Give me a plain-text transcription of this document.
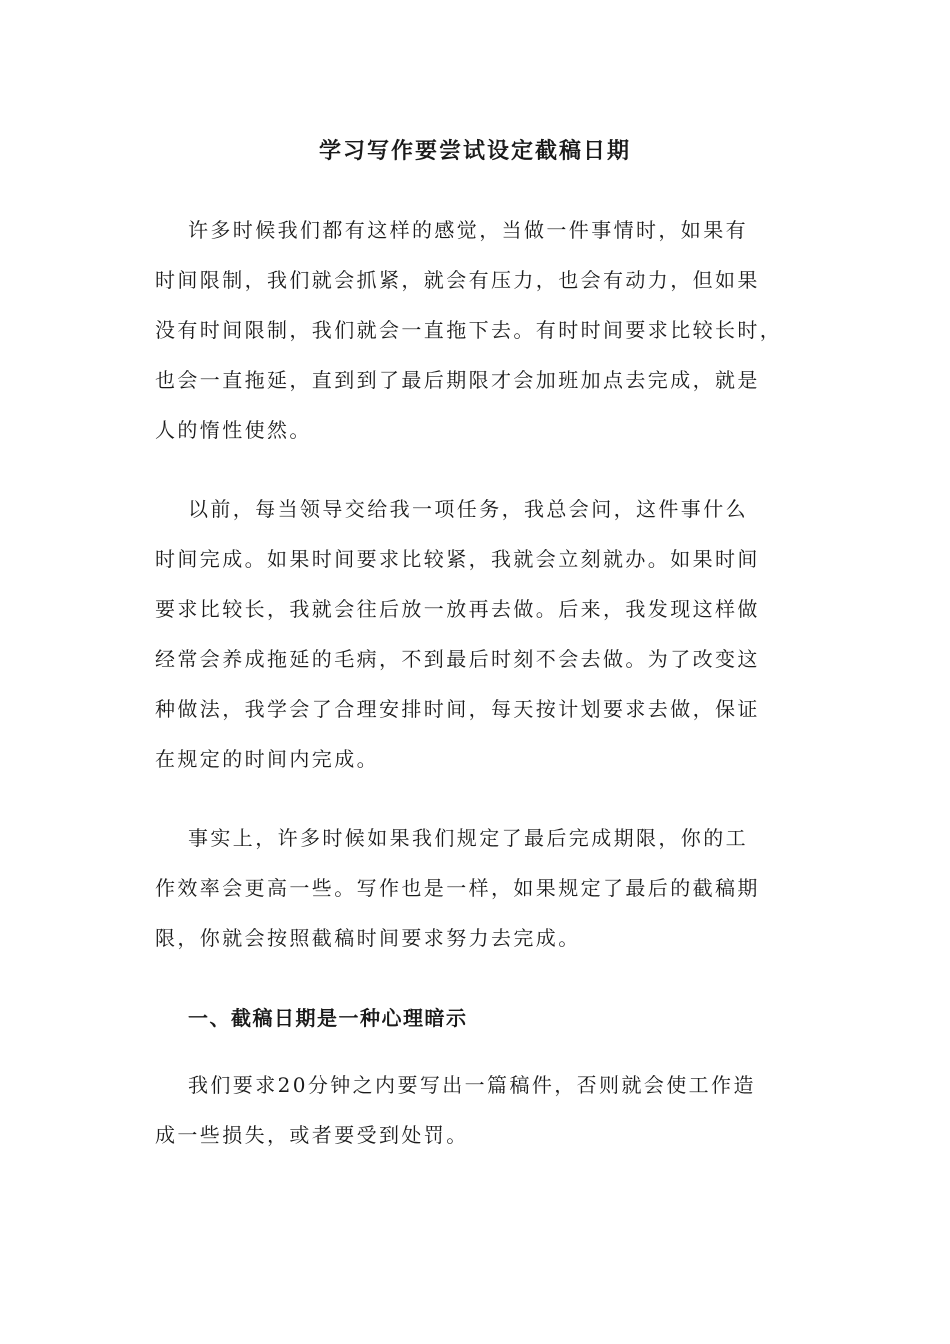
学习写作要尝试设定截稿日期

许多时候我们都有这样的感觉，当做一件事情时，如果有

时间限制，我们就会抓紧，就会有压力，也会有动力，但如果

没有时间限制，我们就会一直拖下去。有时时间要求比较长时，

也会一直拖延，直到到了最后期限才会加班加点去完成，就是

人的惰性使然。

以前，每当领导交给我一项任务，我总会问，这件事什么

时间完成。如果时间要求比较紧，我就会立刻就办。如果时间

要求比较长，我就会往后放一放再去做。后来，我发现这样做

经常会养成拖延的毛病，不到最后时刻不会去做。为了改变这

种做法，我学会了合理安排时间，每天按计划要求去做，保证

在规定的时间内完成。

事实上，许多时候如果我们规定了最后完成期限，你的工

作效率会更高一些。写作也是一样，如果规定了最后的截稿期

限，你就会按照截稿时间要求努力去完成。

一、截稿日期是一种心理暗示

我们要求20分钟之内要写出一篇稿件，否则就会使工作造

成一些损失，或者要受到处罚。
